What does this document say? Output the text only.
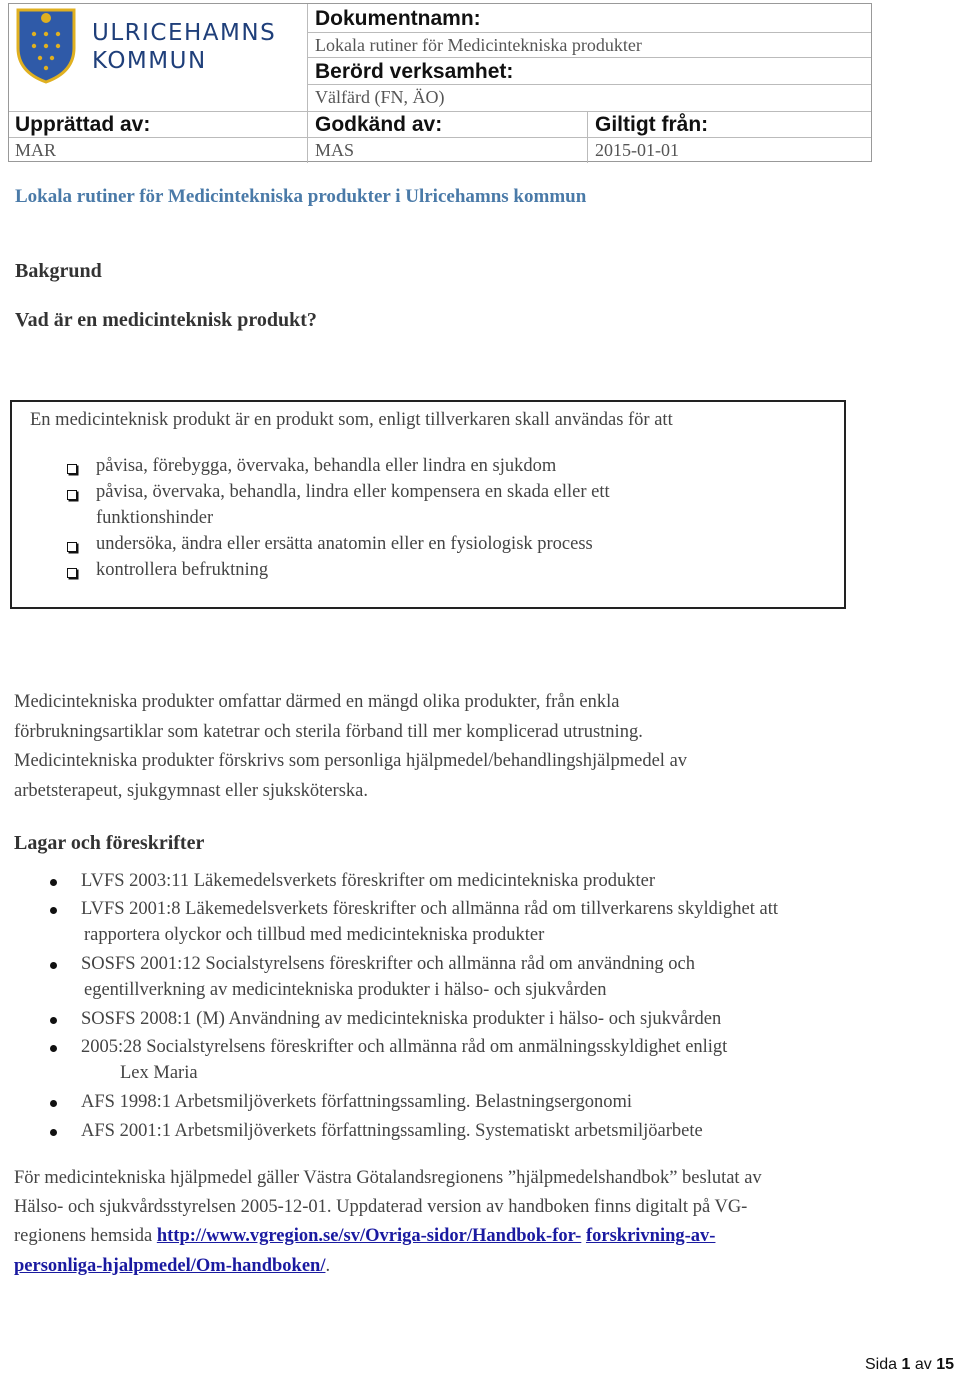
ULRICEHAMNS
KOMMUN
Dokumentnamn:
Lokala rutiner för Medicintekniska produkter
Berörd verksamhet:
Välfärd (FN, ÄO)
Upprättad av:	Godkänd av:	Giltigt från:
MAR	MAS	2015-01-01
Lokala rutiner för Medicintekniska produkter i Ulricehamns kommun
Bakgrund
Vad är en medicinteknisk produkt?
En medicinteknisk produkt är en produkt som, enligt tillverkaren skall användas för att
påvisa, förebygga, övervaka, behandla eller lindra en sjukdom
påvisa, övervaka, behandla, lindra eller kompensera en skada eller ett
funktionshinder
undersöka, ändra eller ersätta anatomin eller en fysiologisk process
kontrollera befruktning
Medicintekniska produkter omfattar därmed en mängd olika produkter, från enkla
förbrukningsartiklar som katetrar och sterila förband till mer komplicerad utrustning.
Medicintekniska produkter förskrivs som personliga hjälpmedel/behandlingshjälpmedel av
arbetsterapeut, sjukgymnast eller sjuksköterska.
Lagar och föreskrifter
LVFS 2003:11 Läkemedelsverkets föreskrifter om medicintekniska produkter
LVFS 2001:8 Läkemedelsverkets föreskrifter och allmänna råd om tillverkarens skyldighet att
rapportera olyckor och tillbud med medicintekniska produkter
SOSFS 2001:12 Socialstyrelsens föreskrifter och allmänna råd om användning och
egentillverkning av medicintekniska produkter i hälso- och sjukvården
SOSFS 2008:1 (M) Användning av medicintekniska produkter i hälso- och sjukvården
2005:28 Socialstyrelsens föreskrifter och allmänna råd om anmälningsskyldighet enligt
Lex Maria
AFS 1998:1 Arbetsmiljöverkets författningssamling. Belastningsergonomi
AFS 2001:1 Arbetsmiljöverkets författningssamling. Systematiskt arbetsmiljöarbete
För medicintekniska hjälpmedel gäller Västra Götalandsregionens ”hjälpmedelshandbok” beslutat av
Hälso- och sjukvårdsstyrelsen 2005-12-01. Uppdaterad version av handboken finns digitalt på VG-
regionens hemsida http://www.vgregion.se/sv/Ovriga-sidor/Handbok-for- forskrivning-av-
personliga-hjalpmedel/Om-handboken/.
Sida 1 av 15
